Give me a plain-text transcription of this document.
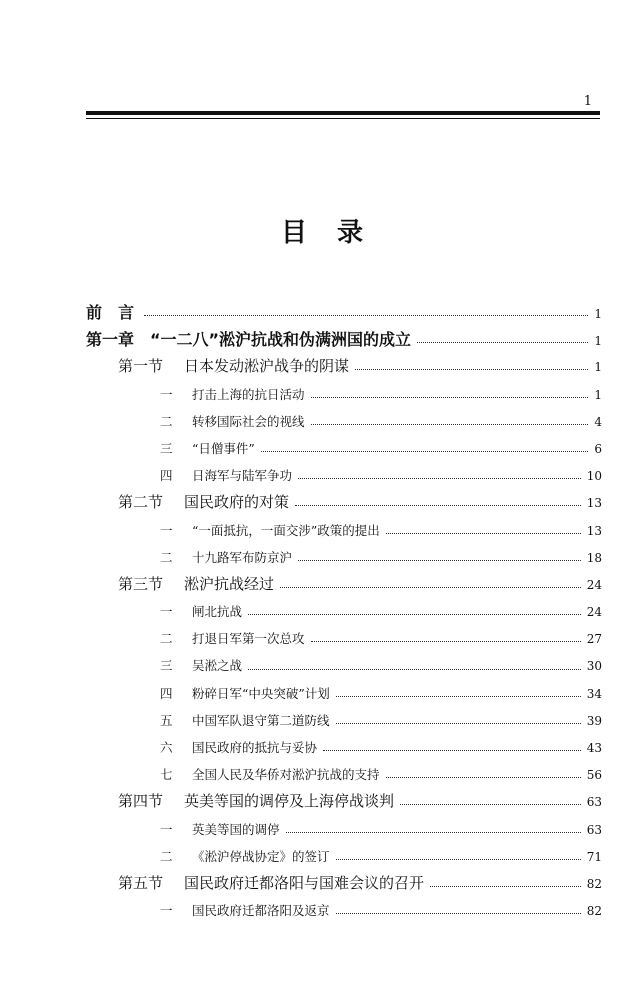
1
目录
前　言	1
第一章 “一二八”淞沪抗战和伪满洲国的成立	1
第一节	日本发动淞沪战争的阴谋	1
一	打击上海的抗日活动	1
二	转移国际社会的视线	4
三	“日僧事件”	6
四	日海军与陆军争功	10
第二节	国民政府的对策	13
一	“一面抵抗，一面交涉”政策的提出	13
二	十九路军布防京沪	18
第三节	淞沪抗战经过	24
一	闸北抗战	24
二	打退日军第一次总攻	27
三	吴淞之战	30
四	粉碎日军“中央突破”计划	34
五	中国军队退守第二道防线	39
六	国民政府的抵抗与妥协	43
七	全国人民及华侨对淞沪抗战的支持	56
第四节	英美等国的调停及上海停战谈判	63
一	英美等国的调停	63
二	《淞沪停战协定》的签订	71
第五节	国民政府迁都洛阳与国难会议的召开	82
一	国民政府迁都洛阳及返京	82
